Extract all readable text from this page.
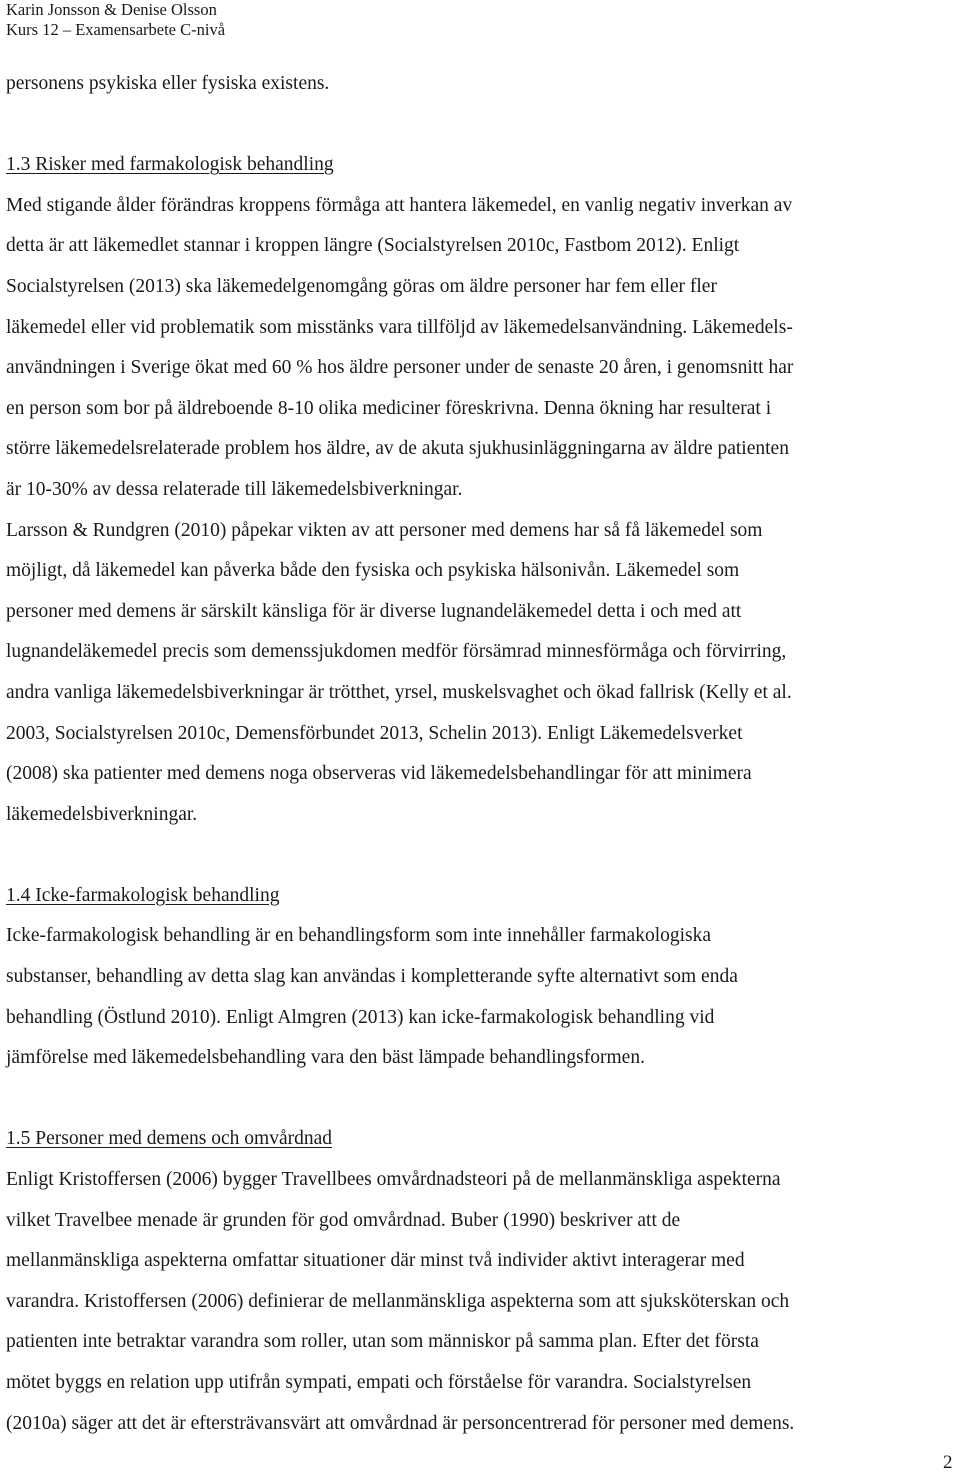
Karin Jonsson & Denise Olsson
Kurs 12 – Examensarbete C-nivå
personens psykiska eller fysiska existens.
1.3 Risker med farmakologisk behandling
Med stigande ålder förändras kroppens förmåga att hantera läkemedel, en vanlig negativ inverkan av
detta är att läkemedlet stannar i kroppen längre (Socialstyrelsen 2010c, Fastbom 2012). Enligt
Socialstyrelsen (2013) ska läkemedelgenomgång göras om äldre personer har fem eller fler
läkemedel eller vid problematik som misstänks vara tillföljd av läkemedelsanvändning. Läkemedels-
användningen i Sverige ökat med 60 % hos äldre personer under de senaste 20 åren, i genomsnitt har
en person som bor på äldreboende 8-10 olika mediciner föreskrivna. Denna ökning har resulterat i
större läkemedelsrelaterade problem hos äldre, av de akuta sjukhusinläggningarna av äldre patienten
är 10-30% av dessa relaterade till läkemedelsbiverkningar.
Larsson & Rundgren (2010) påpekar vikten av att personer med demens har så få läkemedel som
möjligt, då läkemedel kan påverka både den fysiska och psykiska hälsonivån. Läkemedel som
personer med demens är särskilt känsliga för är diverse lugnandeläkemedel detta i och med att
lugnandeläkemedel precis som demenssjukdomen medför försämrad minnesförmåga och förvirring,
andra vanliga läkemedelsbiverkningar är trötthet, yrsel, muskelsvaghet och ökad fallrisk (Kelly et al.
2003, Socialstyrelsen 2010c, Demensförbundet 2013, Schelin 2013). Enligt Läkemedelsverket
(2008) ska patienter med demens noga observeras vid läkemedelsbehandlingar för att minimera
läkemedelsbiverkningar.
1.4 Icke-farmakologisk behandling
Icke-farmakologisk behandling är en behandlingsform som inte innehåller farmakologiska
substanser, behandling av detta slag kan användas i kompletterande syfte alternativt som enda
behandling (Östlund 2010). Enligt Almgren (2013) kan icke-farmakologisk behandling vid
jämförelse med läkemedelsbehandling vara den bäst lämpade behandlingsformen.
1.5 Personer med demens och omvårdnad
Enligt Kristoffersen (2006) bygger Travellbees omvårdnadsteori på de mellanmänskliga aspekterna
vilket Travelbee menade är grunden för god omvårdnad. Buber (1990) beskriver att de
mellanmänskliga aspekterna omfattar situationer där minst två individer aktivt interagerar med
varandra. Kristoffersen (2006) definierar de mellanmänskliga aspekterna som att sjuksköterskan och
patienten inte betraktar varandra som roller, utan som människor på samma plan. Efter det första
mötet byggs en relation upp utifrån sympati, empati och förståelse för varandra. Socialstyrelsen
(2010a) säger att det är eftersträvansvärt att omvårdnad är personcentrerad för personer med demens.
2
